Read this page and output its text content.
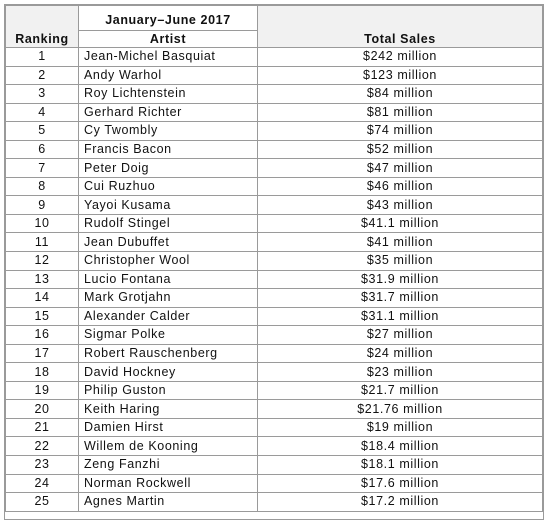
	January–June 2017	
Ranking	Artist	Total Sales
1	Jean-Michel Basquiat	$242 million
2	Andy Warhol	$123 million
3	Roy Lichtenstein	$84 million
4	Gerhard Richter	$81 million
5	Cy Twombly	$74 million
6	Francis Bacon	$52 million
7	Peter Doig	$47 million
8	Cui Ruzhuo	$46 million
9	Yayoi Kusama	$43 million
10	Rudolf Stingel	$41.1 million
11	Jean Dubuffet	$41 million
12	Christopher Wool	$35 million
13	Lucio Fontana	$31.9 million
14	Mark Grotjahn	$31.7 million
15	Alexander Calder	$31.1 million
16	Sigmar Polke	$27 million
17	Robert Rauschenberg	$24 million
18	David Hockney	$23 million
19	Philip Guston	$21.7 million
20	Keith Haring	$21.76 million
21	Damien Hirst	$19 million
22	Willem de Kooning	$18.4 million
23	Zeng Fanzhi	$18.1 million
24	Norman Rockwell	$17.6 million
25	Agnes Martin	$17.2 million
